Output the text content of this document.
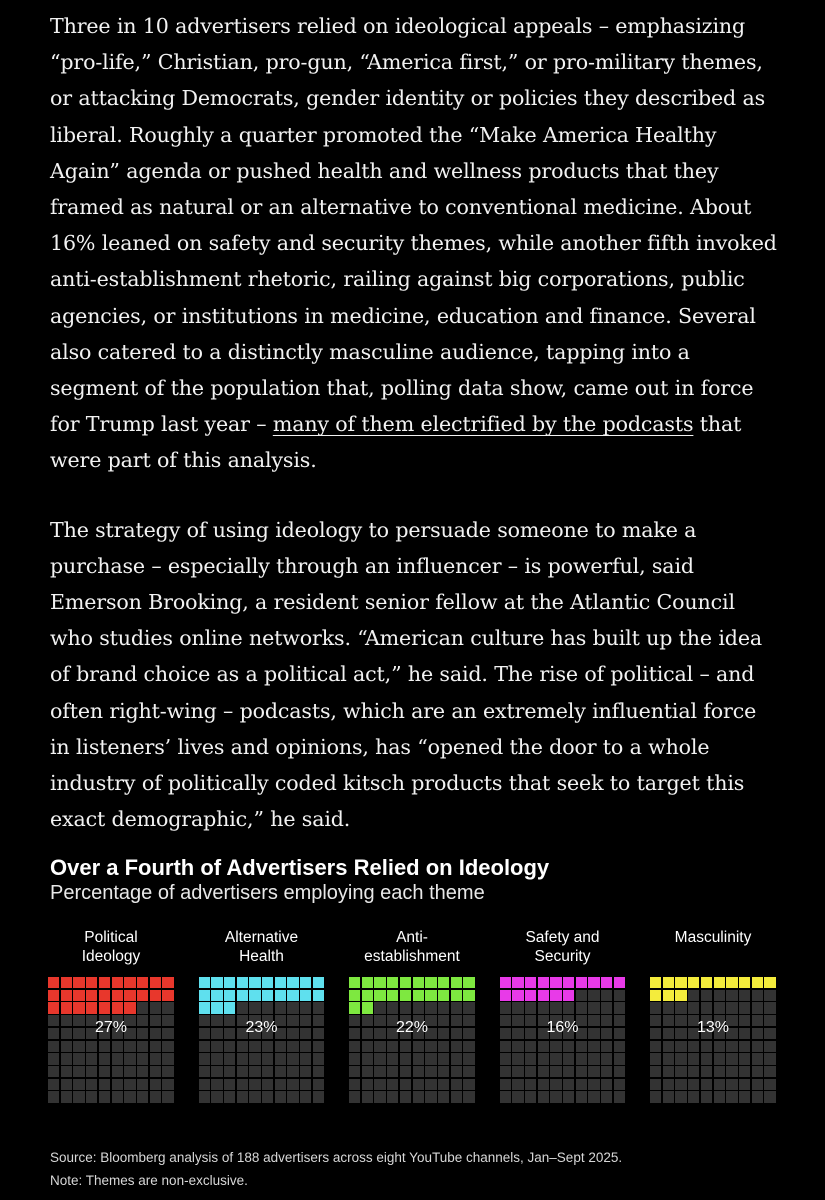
Three in 10 advertisers relied on ideological appeals – emphasizing “pro-life,” Christian, pro-gun, “America first,” or pro-military themes, or attacking Democrats, gender identity or policies they described as liberal. Roughly a quarter promoted the “Make America Healthy Again” agenda or pushed health and wellness products that they framed as natural or an alternative to conventional medicine. About 16% leaned on safety and security themes, while another fifth invoked anti-establishment rhetoric, railing against big corporations, public agencies, or institutions in medicine, education and finance. Several also catered to a distinctly masculine audience, tapping into a segment of the population that, polling data show, came out in force for Trump last year – many of them electrified by the podcasts that were part of this analysis.

The strategy of using ideology to persuade someone to make a purchase – especially through an influencer – is powerful, said Emerson Brooking, a resident senior fellow at the Atlantic Council who studies online networks. “American culture has built up the idea of brand choice as a political act,” he said. The rise of political – and often right-wing – podcasts, which are an extremely influential force in listeners’ lives and opinions, has “opened the door to a whole industry of politically coded kitsch products that seek to target this exact demographic,” he said.

Over a Fourth of Advertisers Relied on Ideology
Percentage of advertisers employing each theme
Political
Ideology
27%
Alternative
Health
23%
Anti-
establishment
22%
Safety and
Security
16%
Masculinity
13%
Source: Bloomberg analysis of 188 advertisers across eight YouTube channels, Jan–Sept 2025.
Note: Themes are non-exclusive.
